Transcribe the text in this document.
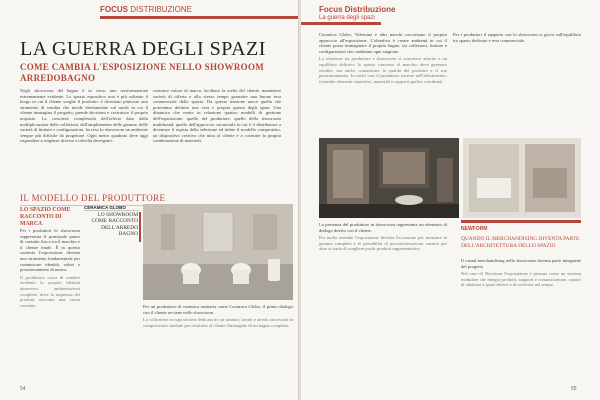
FOCUS DISTRIBUZIONE
LA GUERRA DEGLI SPAZI
COME CAMBIA L'ESPOSIZIONE NELLO SHOWROOM ARREDOBAGNO

Negli showroom del bagno è in corso uno trasformazione estremamente evidente. Lo spazio espositivo non è più soltanto il luogo in cui il cliente sceglie il prodotto: è diventato piuttosto uno strumento di vendita che incide direttamente sul modo in cui il cliente immagina il progetto, prende decisioni e costruisce il proprio acquisto. La crescente complessità dell'offerta data dalla moltiplicazione delle collezioni, dall'ampliamento delle gamme, delle varietà di finiture e configurazioni, ha reso lo showroom un ambiente sempre più difficile da progettare. Ogni metro quadrato deve oggi rispondere a esigenze diverse e talvolta divergenti:

costruire valore di marca, facilitare la scelta del cliente, mantenere varietà di offerta e allo stesso tempo garantire una buona resa commerciale dello spazio. Da questa tensione nasce quella che potremmo definire una vera e propria guerra degli spazi. Una dinamica che mette in relazione quattro modelli di gestione dell'esposizione: quello del produttore, quello dello showroom multibrand, quello dell'approccio curatoriale in cui è il distributore a diventare il regista della selezione ed infine il modello comprotetto, un dispositivo creativo che mira al cliente e a costruire la propria combinazione di materiali.

IL MODELLO DEL PRODUTTORE
LO SPAZIO COME RACCONTO DI MARCA

Per i produttori lo showroom rappresenta il principale punto di contatto fisico tra il marchio e il cliente finale. È in questo contesto l'esposizione diventa uno strumento fondamentale per comunicare identità, valori e posizionamento di marca.

Il produttore cerca di rendere evidente la propria identità attraverso ambientazioni complete, dove la sequenza dei prodotti racconta una storia coerente.

CERAMICA GLOBO
LO SHOWROOM COME RACCONTO DELL'ARREDO BAGNO

Per un produttore di ceramica sanitaria come Ceramica Globo, il primo dialogo con il cliente avviene nello showroom.

La collezione occupa un'area dedicata in cui sanitari, lavabi e arredi convivono in composizioni studiate per restituire al cliente l'immagine di un bagno completo.

54
Focus Distribuzione
La guerra degli spazi

Ceramica Globo, Valeriano e altri marchi raccontano il proprio approccio all'esposizione. L'obiettivo è creare ambienti in cui il cliente possa immaginare il proprio bagno, tra collezioni, finiture e configurazioni che cambiano ogni stagione.

La relazione tra produttore e showroom si costruisce attorno a un equilibrio delicato: lo spazio concesso al marchio deve generare vendite, ma anche comunicare la qualità del prodotto e il suo posizionamento. In molti casi il produttore investe nell'allestimento, fornendo elementi espositivi, materiali e supporti grafici coordinati.

Per i produttori il rapporto con lo showroom si gioca sull'equilibrio tra spazio dedicato e resa commerciale.

La presenza del produttore in showroom rappresenta un elemento di dialogo diretto con il cliente.

Per molte aziende l'esposizione diventa l'occasione per mostrare la gamma completa e le possibilità di personalizzazione, mentre per altre si tratta di scegliere pochi prodotti rappresentativi.

NEWFORM
QUANDO IL MERCHANDISING DIVENTA PARTE DELL'ARCHITETTURA DELLO SPAZIO

Il visual merchandising nello showroom diventa parte integrante del progetto.

Nel caso di Newform l'esposizione è pensata come un sistema modulare che integra prodotti, supporti e comunicazione, capace di adattarsi a spazi diversi e di evolvere nel tempo.

55
